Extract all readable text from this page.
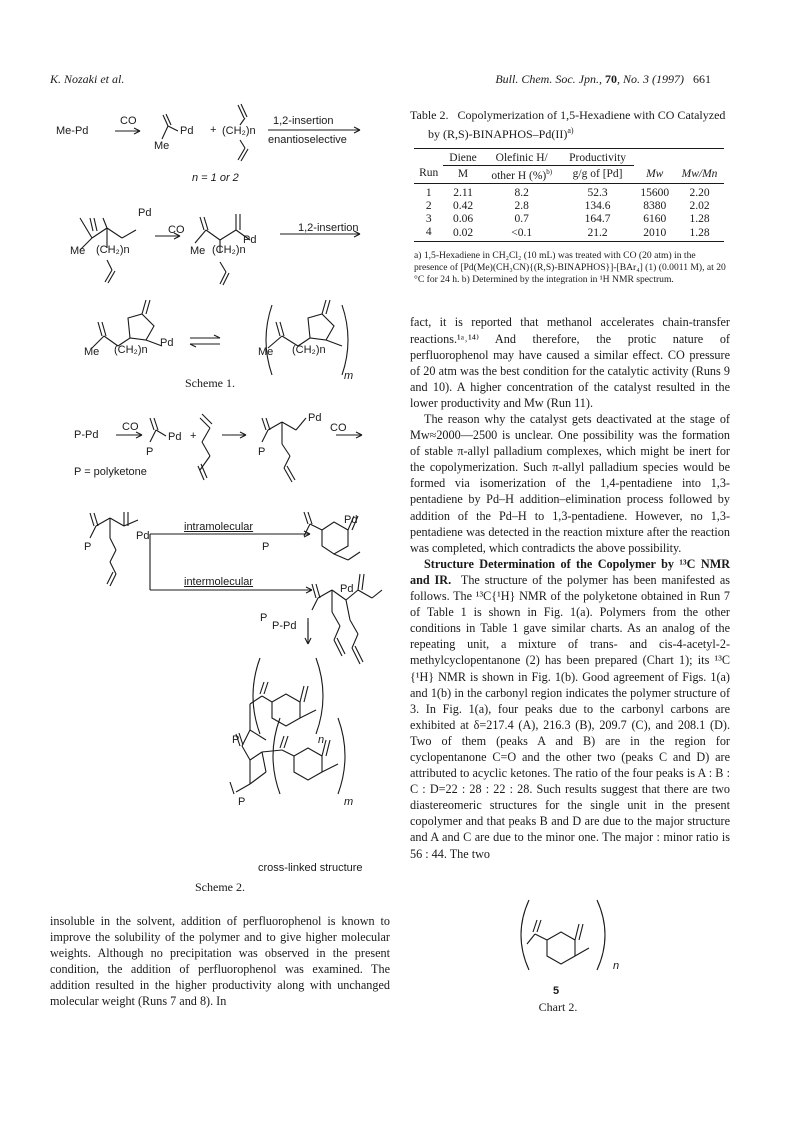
K. Nozaki et al.	Bull. Chem. Soc. Jpn., 70, No. 3 (1997) 661
Me-Pd
CO
Pd
Me
+ (CH₂)n
1,2-insertion
enantioselective
n = 1 or 2
Pd
Me (CH₂)n
CO
Pd
Me (CH₂)n
1,2-insertion
Me (CH₂)n
Pd
Me (CH₂)n
m
Scheme 1.
P-Pd
CO
Pd
P
+
Pd
P
CO
P = polyketone
Pd
P
intramolecular
Pd
P
intermolecular
Pd
P
P-Pd
n
P
m
P
cross-linked structure
Scheme 2.

insoluble in the solvent, addition of perfluorophenol is known to improve the solubility of the polymer and to give higher molecular weights. Although no precipitation was observed in the present condition, the addition of perfluorophenol was examined. The addition resulted in the higher productivity along with unchanged molecular weight (Runs 7 and 8). In

Table 2. Copolymerization of 1,5-Hexadiene with CO Catalyzed by (R,S)-BINAPHOS–Pd(II)$^{a)}$

	Diene	Olefinic H/	Productivity		
Run	M	other H (%)$^{b)}$	g/g of [Pd]	Mw	Mw/Mn
1	2.11	8.2	52.3	15600	2.20
2	0.42	2.8	134.6	8380	2.02
3	0.06	0.7	164.7	6160	1.28
4	0.02	<0.1	21.2	2010	1.28
a) 1,5-Hexadiene in CH₂Cl₂ (10 mL) was treated with CO (20 atm) in the presence of [Pd(Me)(CH₃CN){(R,S)-BINAPHOS}]-[BAr₄] (1) (0.0011 M), at 20 °C for 24 h. b) Determined by the integration in ¹H NMR spectrum.

fact, it is reported that methanol accelerates chain-transfer reactions.¹ᵃ˒¹⁴⁾ And therefore, the protic nature of perfluorophenol may have caused a similar effect. CO pressure of 20 atm was the best condition for the catalytic activity (Runs 9 and 10). A higher concentration of the catalyst resulted in the lower productivity and Mw (Run 11).

The reason why the catalyst gets deactivated at the stage of Mw≈2000—2500 is unclear. One possibility was the formation of stable π-allyl palladium complexes, which might be inert for the copolymerization. Such π-allyl palladium species would be formed via isomerization of the 1,4-pentadiene into 1,3-pentadiene by Pd–H addition–elimination process followed by addition of the Pd–H to 1,3-pentadiene. However, no 1,3-pentadiene was detected in the reaction mixture after the reaction was completed, which contradicts the above possibility.

Structure Determination of the Copolymer by ¹³C NMR and IR. The structure of the polymer has been manifested as follows. The ¹³C{¹H} NMR of the polyketone obtained in Run 7 of Table 1 is shown in Fig. 1(a). Polymers from the other conditions in Table 1 gave similar charts. As an analog of the repeating unit, a mixture of trans- and cis-4-acetyl-2-methylcyclopentanone (2) has been prepared (Chart 1); its ¹³C {¹H} NMR is shown in Fig. 1(b). Good agreement of Figs. 1(a) and 1(b) in the carbonyl region indicates the polymer structure of 3. In Fig. 1(a), four peaks due to the carbonyl carbons are exhibited at δ=217.4 (A), 216.3 (B), 209.7 (C), and 208.1 (D). Two of them (peaks A and B) are in the region for cyclopentanone C=O and the other two (peaks C and D) are attributed to acyclic ketones. The ratio of the four peaks is A : B : C : D=22 : 28 : 22 : 28. Such results suggest that there are two diastereomeric structures for the single unit in the present copolymer and that peaks B and D are due to the major structure and A and C are due to the minor one. The major : minor ratio is 56 : 44. The two

n
5
Chart 2.
